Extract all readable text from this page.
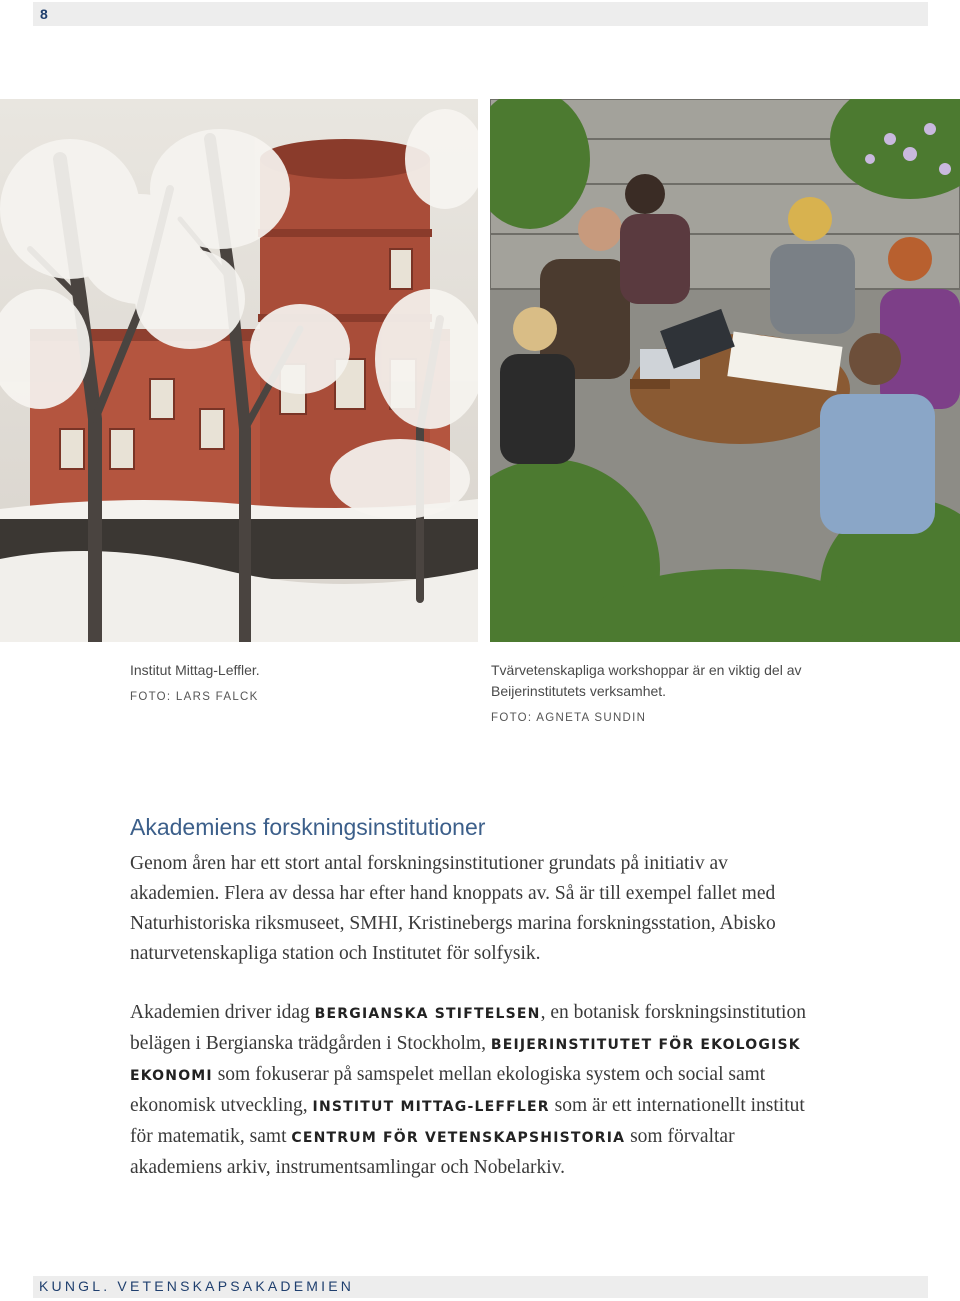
8
Institut Mittag-Leffler.
FOTO: LARS FALCK
Tvärvetenskapliga workshoppar är en viktig del av Beijerinstitutets verksamhet.
FOTO: AGNETA SUNDIN
Akademiens forskningsinstitutioner

Genom åren har ett stort antal forskningsinstitutioner grundats på initiativ av akademien. Flera av dessa har efter hand knoppats av. Så är till exempel fallet med Naturhistoriska riksmuseet, SMHI, Kristinebergs marina forskningsstation, Abisko naturvetenskapliga station och Institutet för solfysik.

Akademien driver idag BERGIANSKA STIFTELSEN, en botanisk forskningsinstitution belägen i Bergianska trädgården i Stockholm, BEIJERINSTITUTET FÖR EKOLOGISK EKONOMI som fokuserar på samspelet mellan ekologiska system och social samt ekonomisk utveckling, INSTITUT MITTAG-LEFFLER som är ett internationellt institut för matematik, samt CENTRUM FÖR VETENSKAPSHISTORIA som förvaltar akademiens arkiv, instrumentsamlingar och Nobelarkiv.

KUNGL. VETENSKAPSAKADEMIEN
